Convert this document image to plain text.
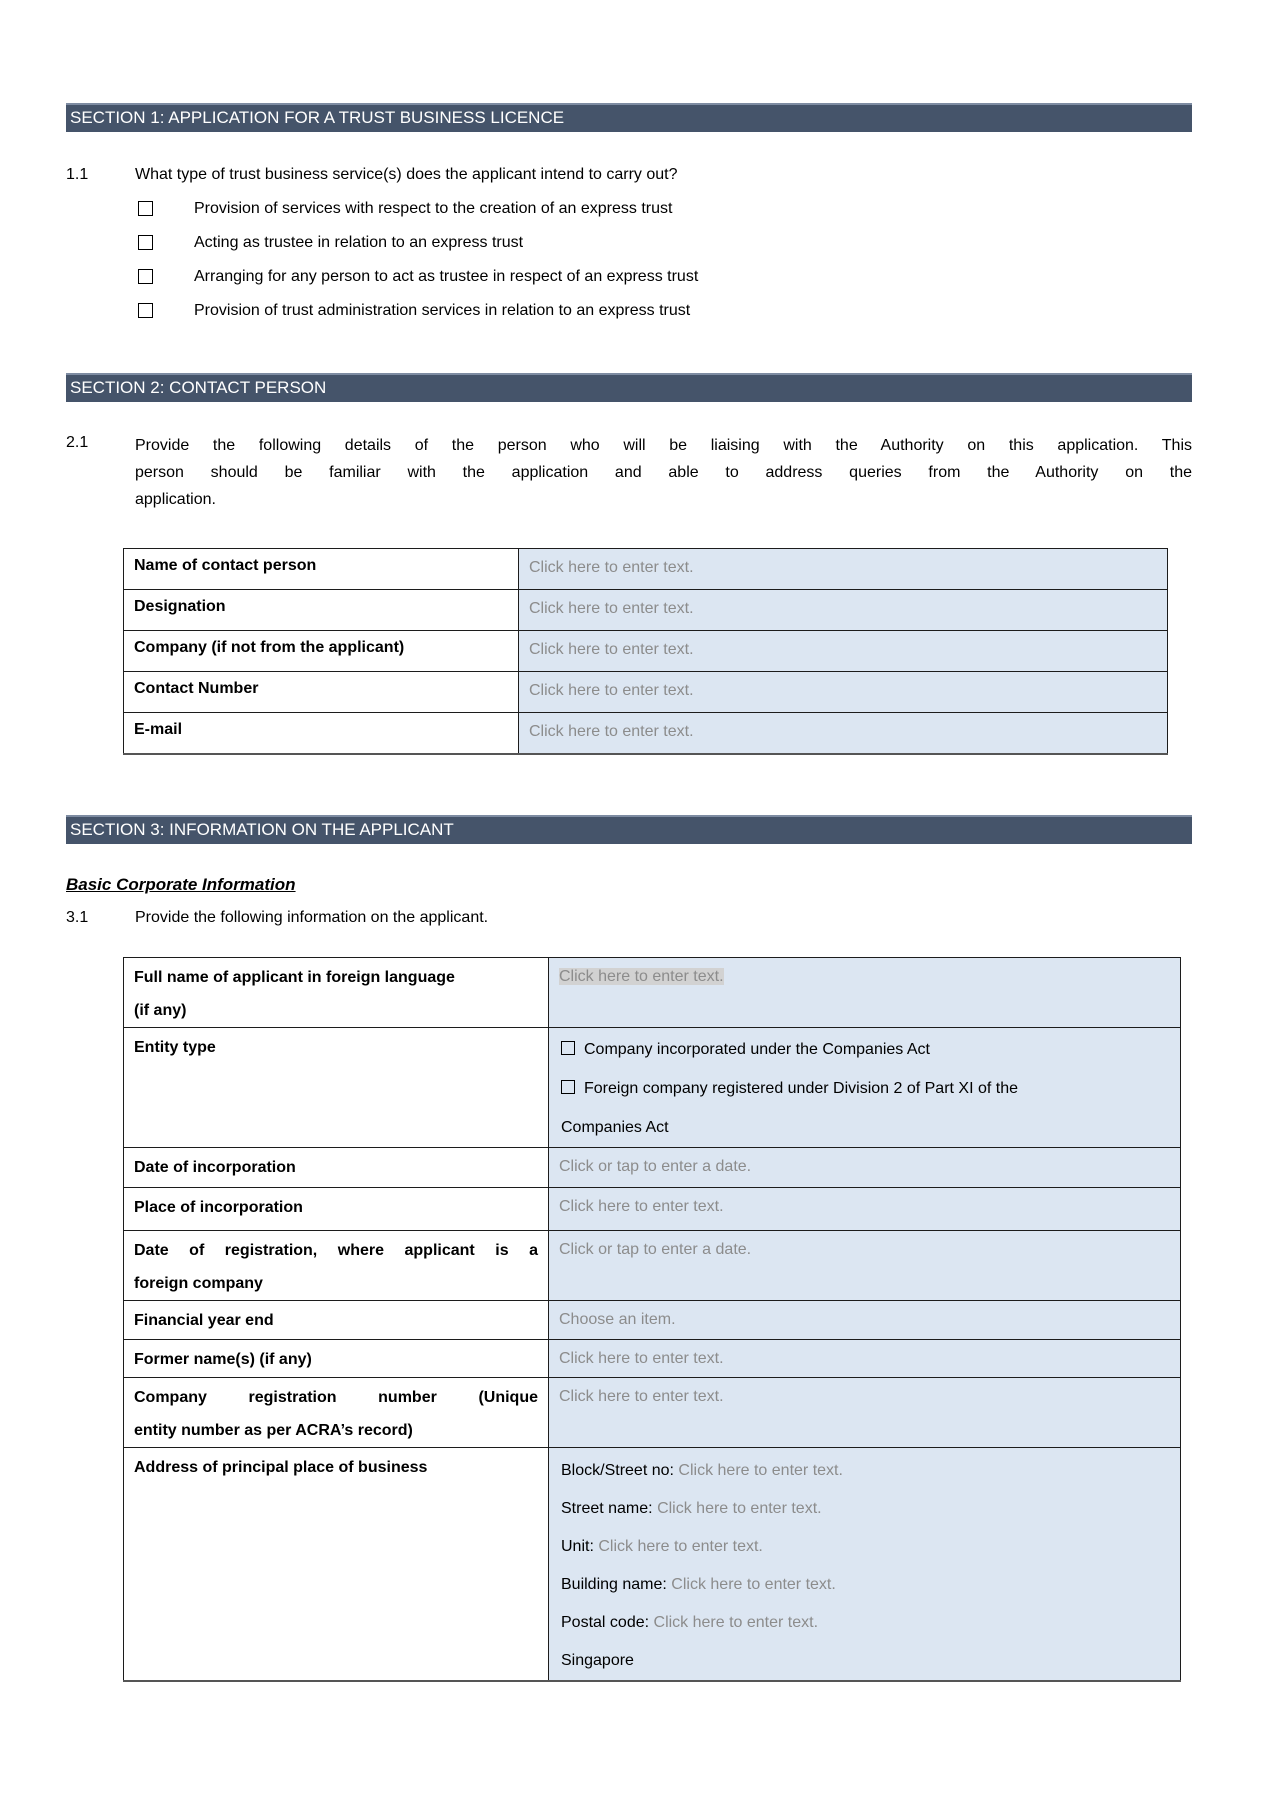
SECTION 1: APPLICATION FOR A TRUST BUSINESS LICENCE
1.1	What type of trust business service(s) does the applicant intend to carry out?
Provision of services with respect to the creation of an express trust
Acting as trustee in relation to an express trust
Arranging for any person to act as trustee in respect of an express trust
Provision of trust administration services in relation to an express trust
SECTION 2: CONTACT PERSON
2.1	Provide the following details of the person who will be liaising with the Authority on this application. This
person should be familiar with the application and able to address queries from the Authority on the
application.
Name of contact person	Click here to enter text.
Designation	Click here to enter text.
Company (if not from the applicant)	Click here to enter text.
Contact Number	Click here to enter text.
E-mail	Click here to enter text.
SECTION 3: INFORMATION ON THE APPLICANT
Basic Corporate Information
3.1	Provide the following information on the applicant.
Full name of applicant in foreign language
(if any)	Click here to enter text.

Entity type	Company incorporated under the Companies Act
Foreign company registered under Division 2 of Part XI of the
Companies Act

Date of incorporation	Click or tap to enter a date.

Place of incorporation	Click here to enter text.

Date of registration, where applicant is a
foreign company	Click or tap to enter a date.

Financial year end	Choose an item.

Former name(s) (if any)	Click here to enter text.

Company registration number (Unique
entity number as per ACRA’s record)	Click here to enter text.

Address of principal place of business	Block/Street no: Click here to enter text.
Street name: Click here to enter text.
Unit: Click here to enter text.
Building name: Click here to enter text.
Postal code: Click here to enter text.
Singapore
